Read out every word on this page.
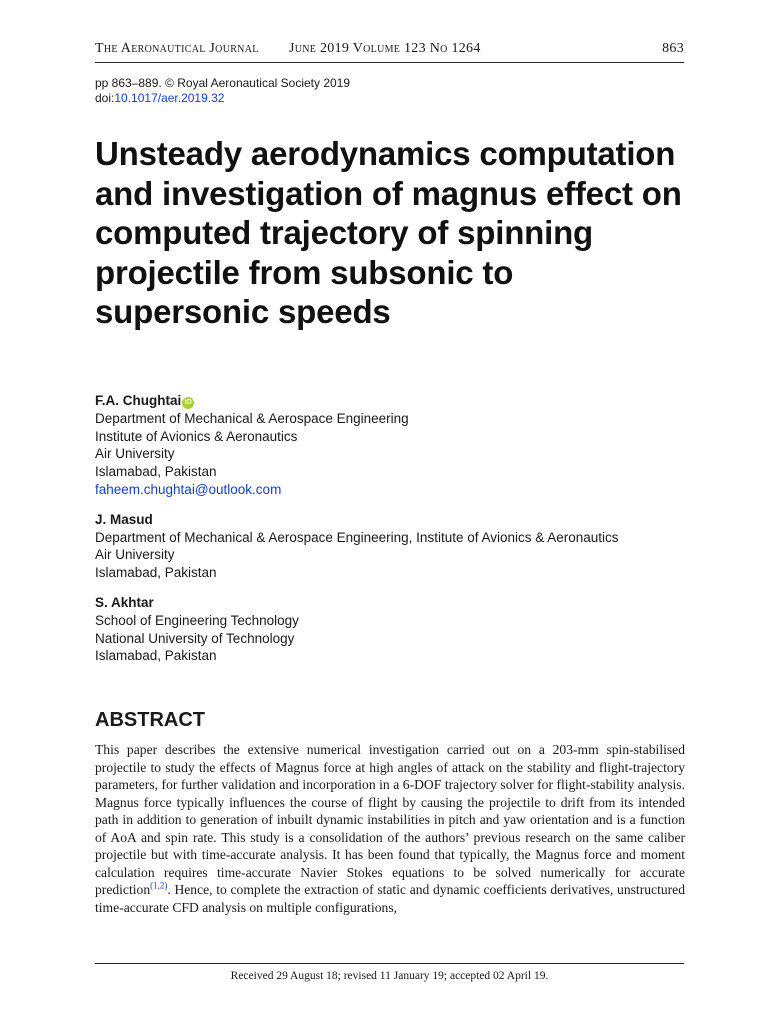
The Aeronautical Journal June 2019 Volume 123 No 1264	863
pp 863–889. © Royal Aeronautical Society 2019
doi:10.1017/aer.2019.32
Unsteady aerodynamics computation and investigation of magnus effect on computed trajectory of spinning projectile from subsonic to supersonic speeds
F.A. Chughtai iD
Department of Mechanical & Aerospace Engineering
Institute of Avionics & Aeronautics
Air University
Islamabad, Pakistan
faheem.chughtai@outlook.com
J. Masud
Department of Mechanical & Aerospace Engineering, Institute of Avionics & Aeronautics
Air University
Islamabad, Pakistan
S. Akhtar
School of Engineering Technology
National University of Technology
Islamabad, Pakistan
ABSTRACT

This paper describes the extensive numerical investigation carried out on a 203-mm spin-stabilised projectile to study the effects of Magnus force at high angles of attack on the stability and flight-trajectory parameters, for further validation and incorporation in a 6-DOF trajectory solver for flight-stability analysis. Magnus force typically influences the course of flight by causing the projectile to drift from its intended path in addition to generation of inbuilt dynamic instabilities in pitch and yaw orientation and is a function of AoA and spin rate. This study is a consolidation of the authors’ previous research on the same caliber projectile but with time-accurate analysis. It has been found that typically, the Magnus force and moment calculation requires time-accurate Navier Stokes equations to be solved numerically for accurate prediction$^{(1,2)}$. Hence, to complete the extraction of static and dynamic coefficients derivatives, unstructured time-accurate CFD analysis on multiple configurations,

Received 29 August 18; revised 11 January 19; accepted 02 April 19.
